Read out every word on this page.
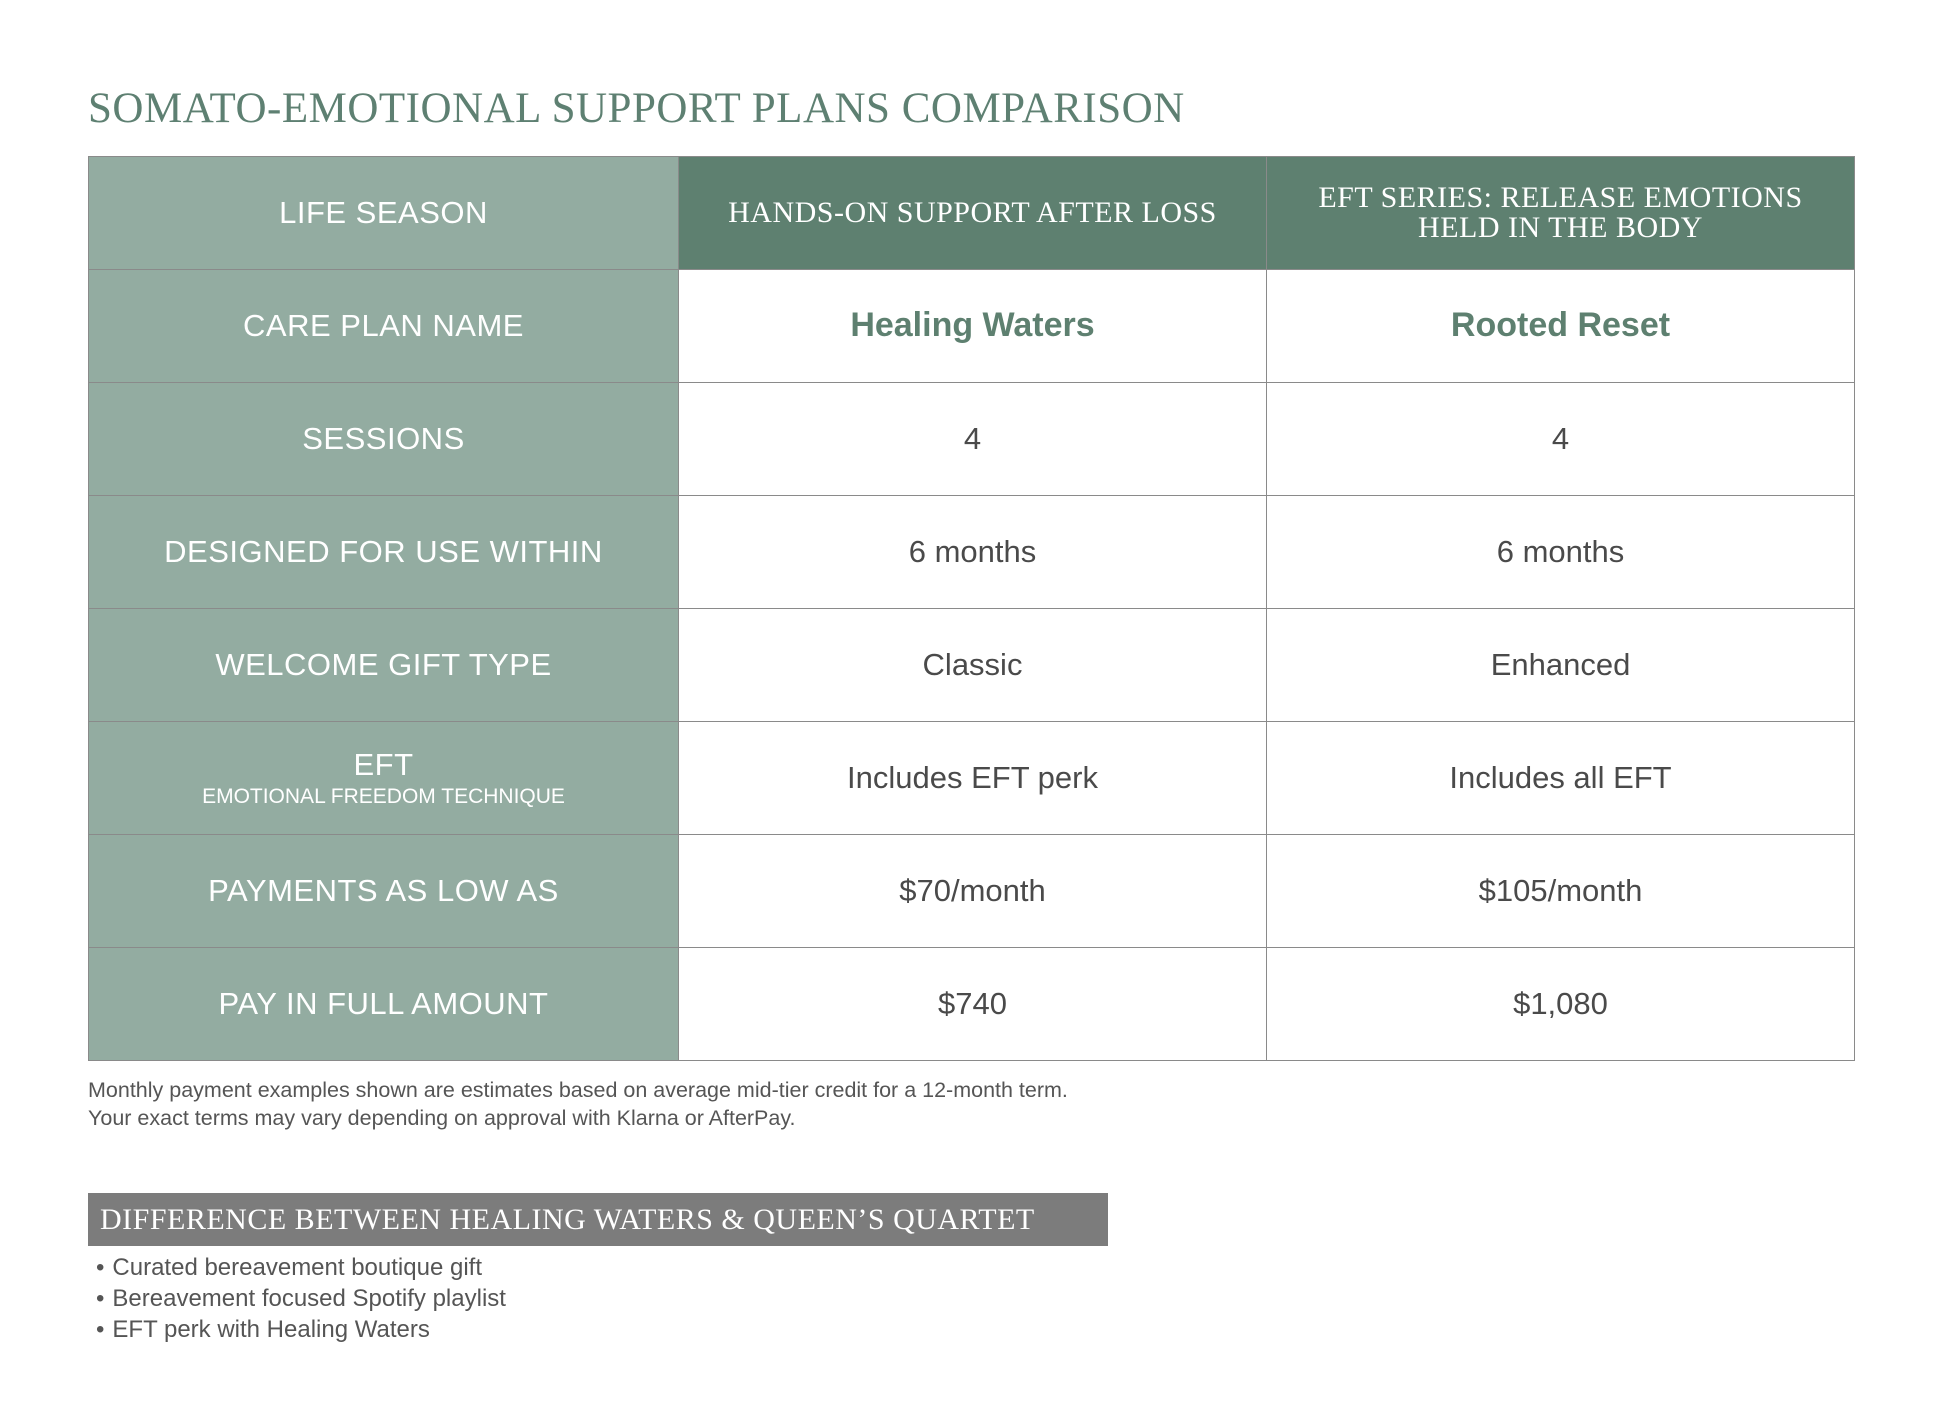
SOMATO-EMOTIONAL SUPPORT PLANS COMPARISON
LIFE SEASON	HANDS-ON SUPPORT AFTER LOSS	EFT SERIES: RELEASE EMOTIONS HELD IN THE BODY
CARE PLAN NAME	Healing Waters	Rooted Reset
SESSIONS	4	4
DESIGNED FOR USE WITHIN	6 months	6 months
WELCOME GIFT TYPE	Classic	Enhanced
EFT
EMOTIONAL FREEDOM TECHNIQUE	Includes EFT perk	Includes all EFT
PAYMENTS AS LOW AS	$70/month	$105/month
PAY IN FULL AMOUNT	$740	$1,080

Monthly payment examples shown are estimates based on average mid-tier credit for a 12-month term.
Your exact terms may vary depending on approval with Klarna or AfterPay.

DIFFERENCE BETWEEN HEALING WATERS & QUEEN’S QUARTET
• Curated bereavement boutique gift
• Bereavement focused Spotify playlist
• EFT perk with Healing Waters
